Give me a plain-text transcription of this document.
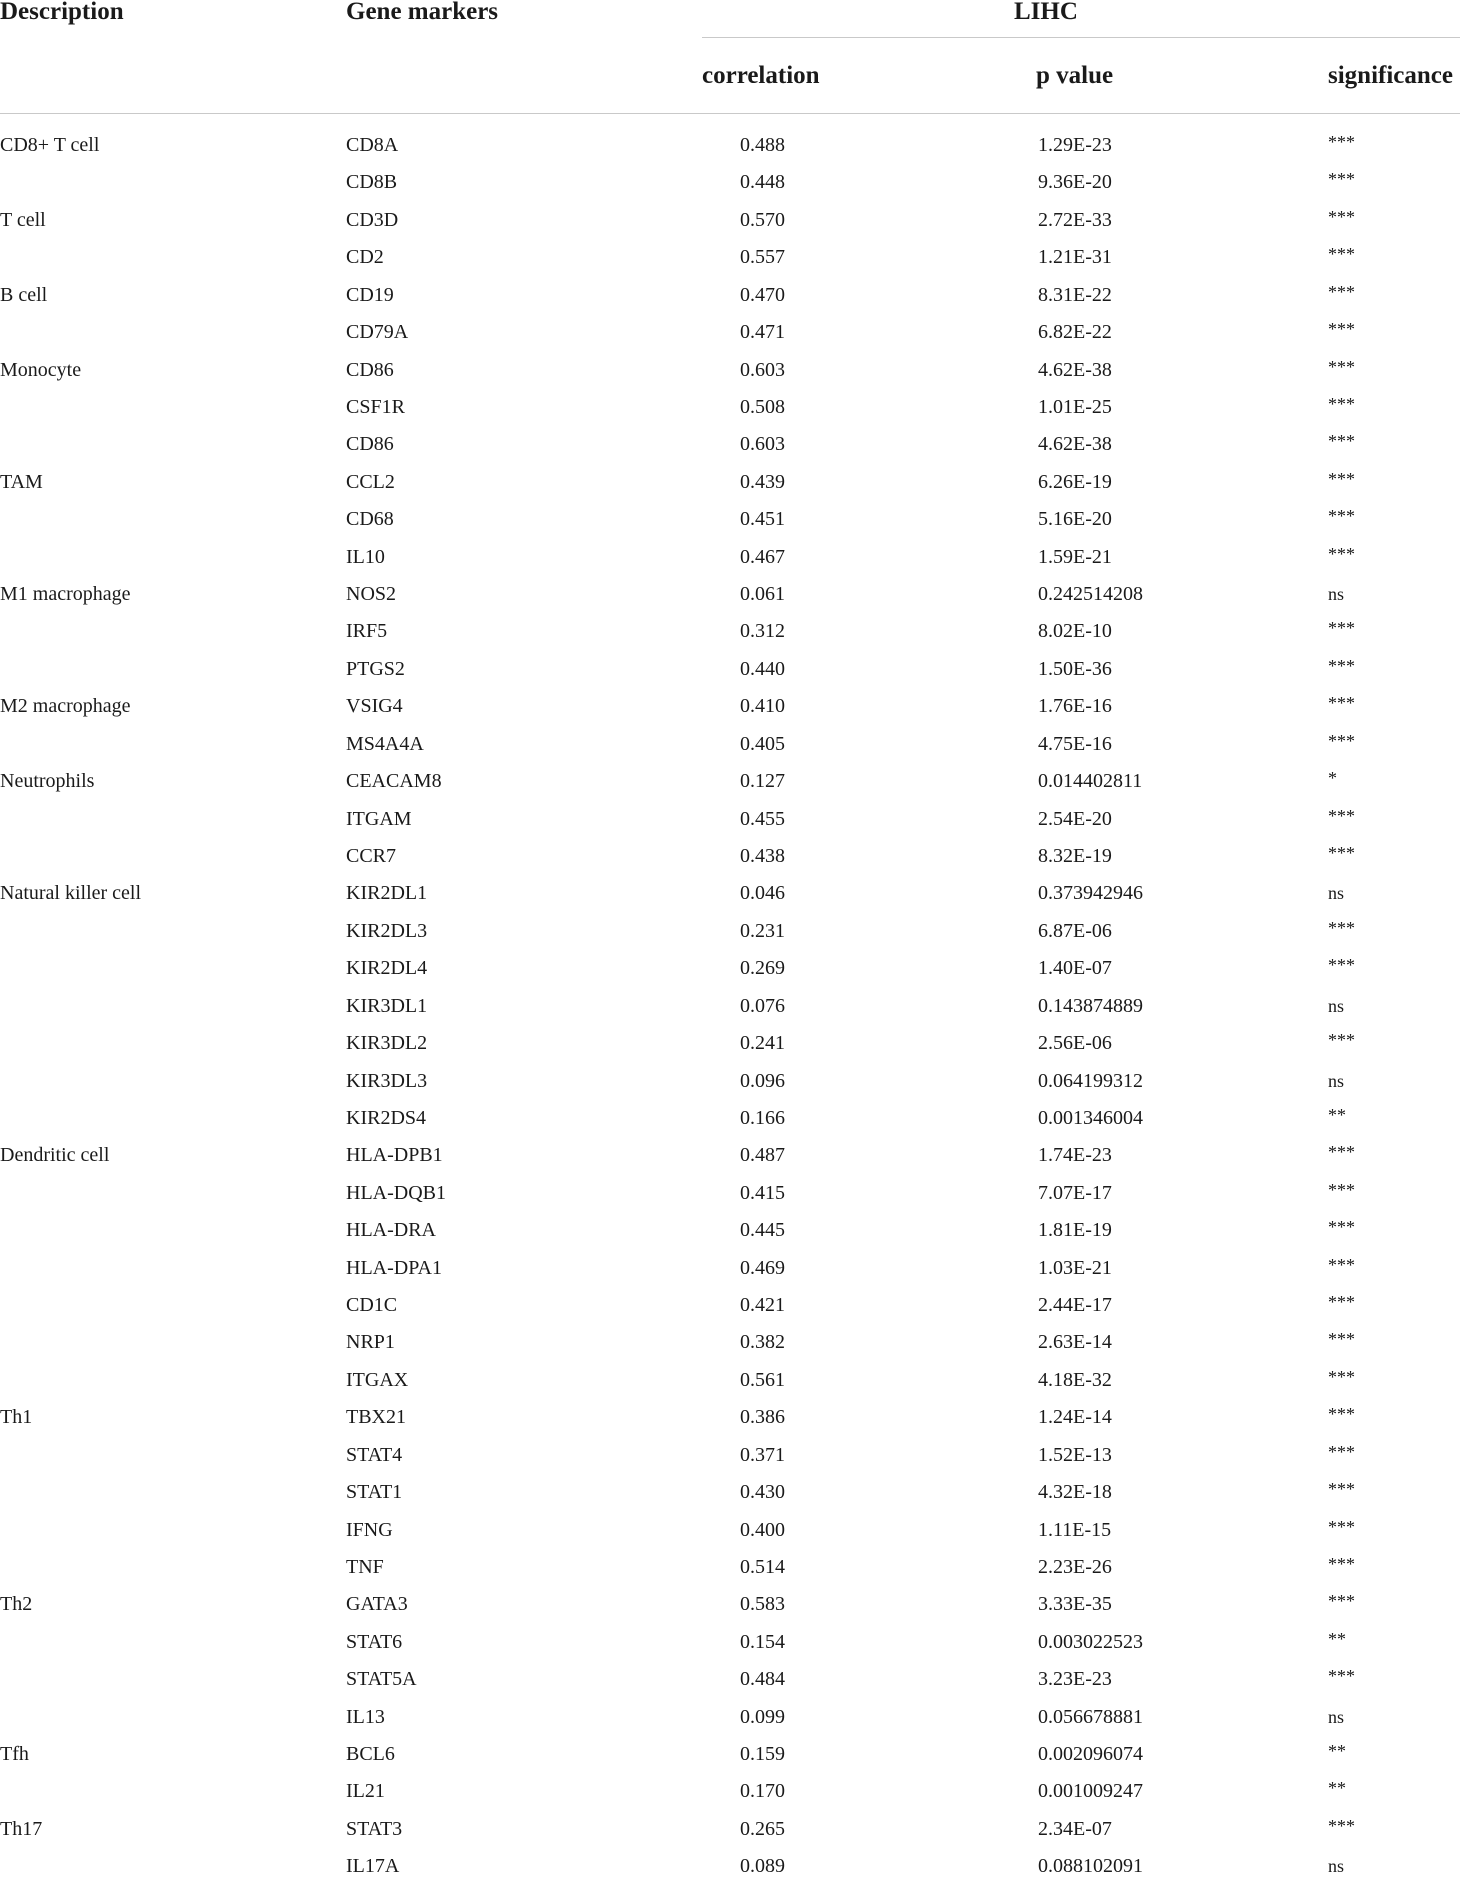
Description	Gene markers	LIHC
correlation	p value	significance
CD8+ T cell	CD8A	0.488	1.29E-23	***
CD8B	0.448	9.36E-20	***
T cell	CD3D	0.570	2.72E-33	***
CD2	0.557	1.21E-31	***
B cell	CD19	0.470	8.31E-22	***
CD79A	0.471	6.82E-22	***
Monocyte	CD86	0.603	4.62E-38	***
CSF1R	0.508	1.01E-25	***
CD86	0.603	4.62E-38	***
TAM	CCL2	0.439	6.26E-19	***
CD68	0.451	5.16E-20	***
IL10	0.467	1.59E-21	***
M1 macrophage	NOS2	0.061	0.242514208	ns
IRF5	0.312	8.02E-10	***
PTGS2	0.440	1.50E-36	***
M2 macrophage	VSIG4	0.410	1.76E-16	***
MS4A4A	0.405	4.75E-16	***
Neutrophils	CEACAM8	0.127	0.014402811	*
ITGAM	0.455	2.54E-20	***
CCR7	0.438	8.32E-19	***
Natural killer cell	KIR2DL1	0.046	0.373942946	ns
KIR2DL3	0.231	6.87E-06	***
KIR2DL4	0.269	1.40E-07	***
KIR3DL1	0.076	0.143874889	ns
KIR3DL2	0.241	2.56E-06	***
KIR3DL3	0.096	0.064199312	ns
KIR2DS4	0.166	0.001346004	**
Dendritic cell	HLA-DPB1	0.487	1.74E-23	***
HLA-DQB1	0.415	7.07E-17	***
HLA-DRA	0.445	1.81E-19	***
HLA-DPA1	0.469	1.03E-21	***
CD1C	0.421	2.44E-17	***
NRP1	0.382	2.63E-14	***
ITGAX	0.561	4.18E-32	***
Th1	TBX21	0.386	1.24E-14	***
STAT4	0.371	1.52E-13	***
STAT1	0.430	4.32E-18	***
IFNG	0.400	1.11E-15	***
TNF	0.514	2.23E-26	***
Th2	GATA3	0.583	3.33E-35	***
STAT6	0.154	0.003022523	**
STAT5A	0.484	3.23E-23	***
IL13	0.099	0.056678881	ns
Tfh	BCL6	0.159	0.002096074	**
IL21	0.170	0.001009247	**
Th17	STAT3	0.265	2.34E-07	***
IL17A	0.089	0.088102091	ns
